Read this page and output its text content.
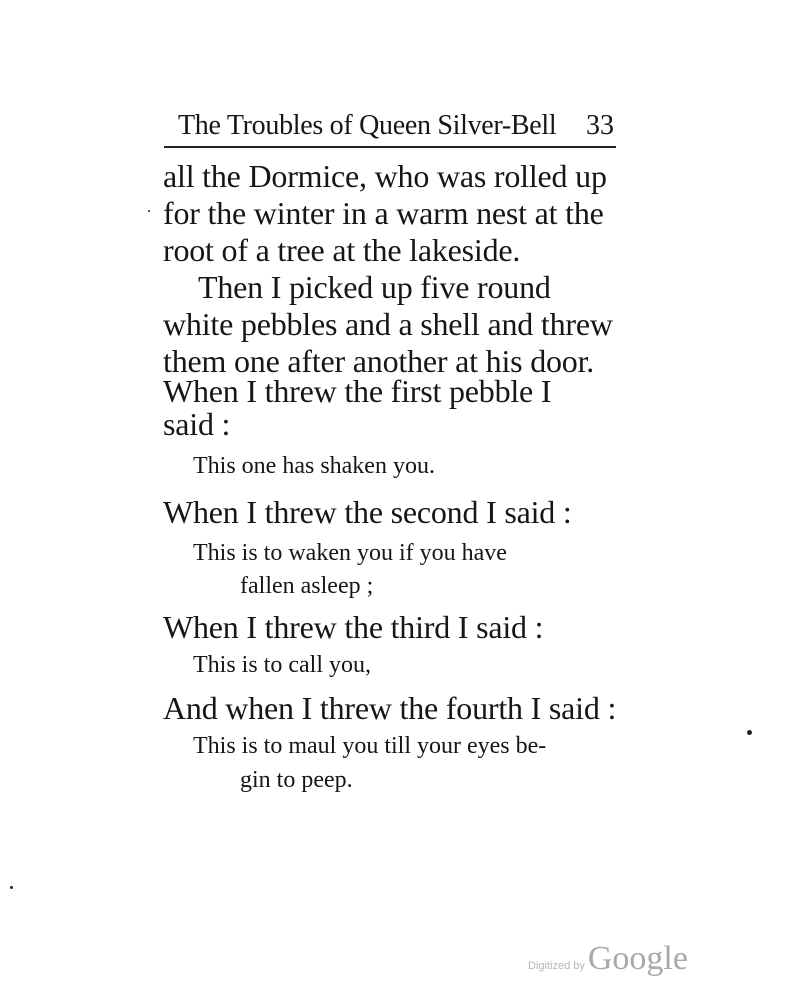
The Troubles of Queen Silver-Bell 33
all the Dormice, who was rolled up
for the winter in a warm nest at the
root of a tree at the lakeside.
Then I picked up five round
white pebbles and a shell and threw
them one after another at his door.
When I threw the first pebble I
said :
This one has shaken you.
When I threw the second I said :
This is to waken you if you have
fallen asleep ;
When I threw the third I said :
This is to call you,
And when I threw the fourth I said :
This is to maul you till your eyes be-
gin to peep.
Digitized byGoogle
